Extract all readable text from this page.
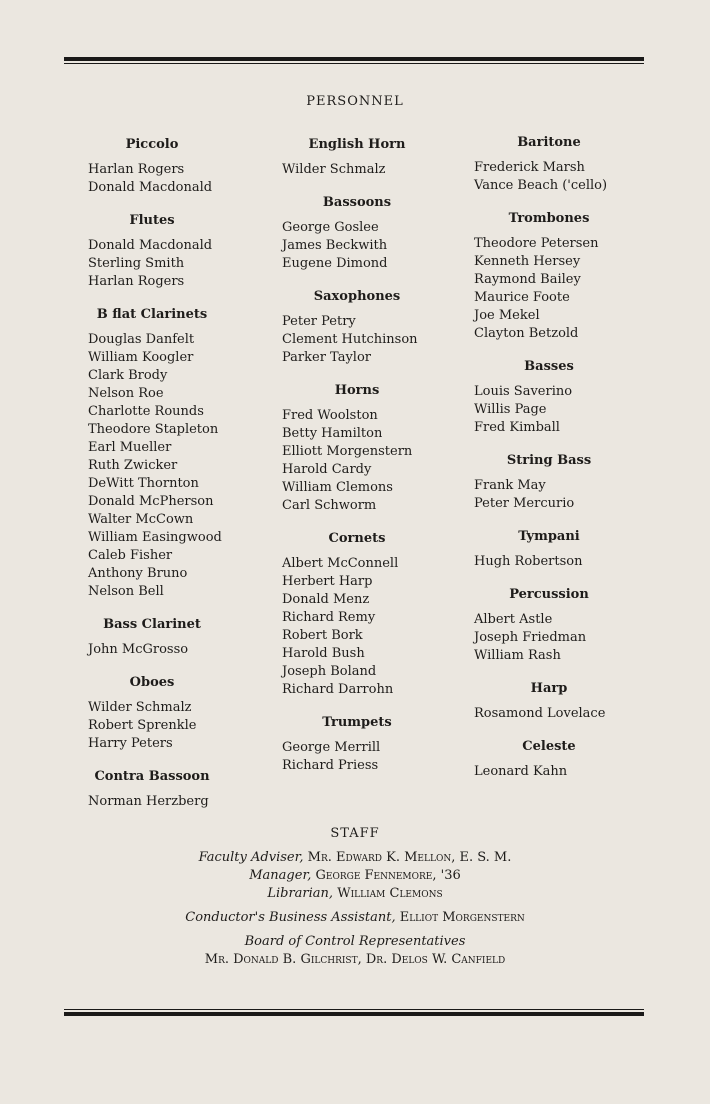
PERSONNEL
Piccolo
Harlan Rogers
Donald Macdonald
Flutes
Donald Macdonald
Sterling Smith
Harlan Rogers
B flat Clarinets
Douglas Danfelt
William Koogler
Clark Brody
Nelson Roe
Charlotte Rounds
Theodore Stapleton
Earl Mueller
Ruth Zwicker
DeWitt Thornton
Donald McPherson
Walter McCown
William Easingwood
Caleb Fisher
Anthony Bruno
Nelson Bell
Bass Clarinet
John McGrosso
Oboes
Wilder Schmalz
Robert Sprenkle
Harry Peters
Contra Bassoon
Norman Herzberg
English Horn
Wilder Schmalz
Bassoons
George Goslee
James Beckwith
Eugene Dimond
Saxophones
Peter Petry
Clement Hutchinson
Parker Taylor
Horns
Fred Woolston
Betty Hamilton
Elliott Morgenstern
Harold Cardy
William Clemons
Carl Schworm
Cornets
Albert McConnell
Herbert Harp
Donald Menz
Richard Remy
Robert Bork
Harold Bush
Joseph Boland
Richard Darrohn
Trumpets
George Merrill
Richard Priess
Baritone
Frederick Marsh
Vance Beach ('cello)
Trombones
Theodore Petersen
Kenneth Hersey
Raymond Bailey
Maurice Foote
Joe Mekel
Clayton Betzold
Basses
Louis Saverino
Willis Page
Fred Kimball
String Bass
Frank May
Peter Mercurio
Tympani
Hugh Robertson
Percussion
Albert Astle
Joseph Friedman
William Rash
Harp
Rosamond Lovelace
Celeste
Leonard Kahn
STAFF
Faculty Adviser, Mr. Edward K. Mellon, E. S. M.
Manager, George Fennemore, '36
Librarian, William Clemons
Conductor's Business Assistant, Elliot Morgenstern
Board of Control Representatives
Mr. Donald B. Gilchrist, Dr. Delos W. Canfield
